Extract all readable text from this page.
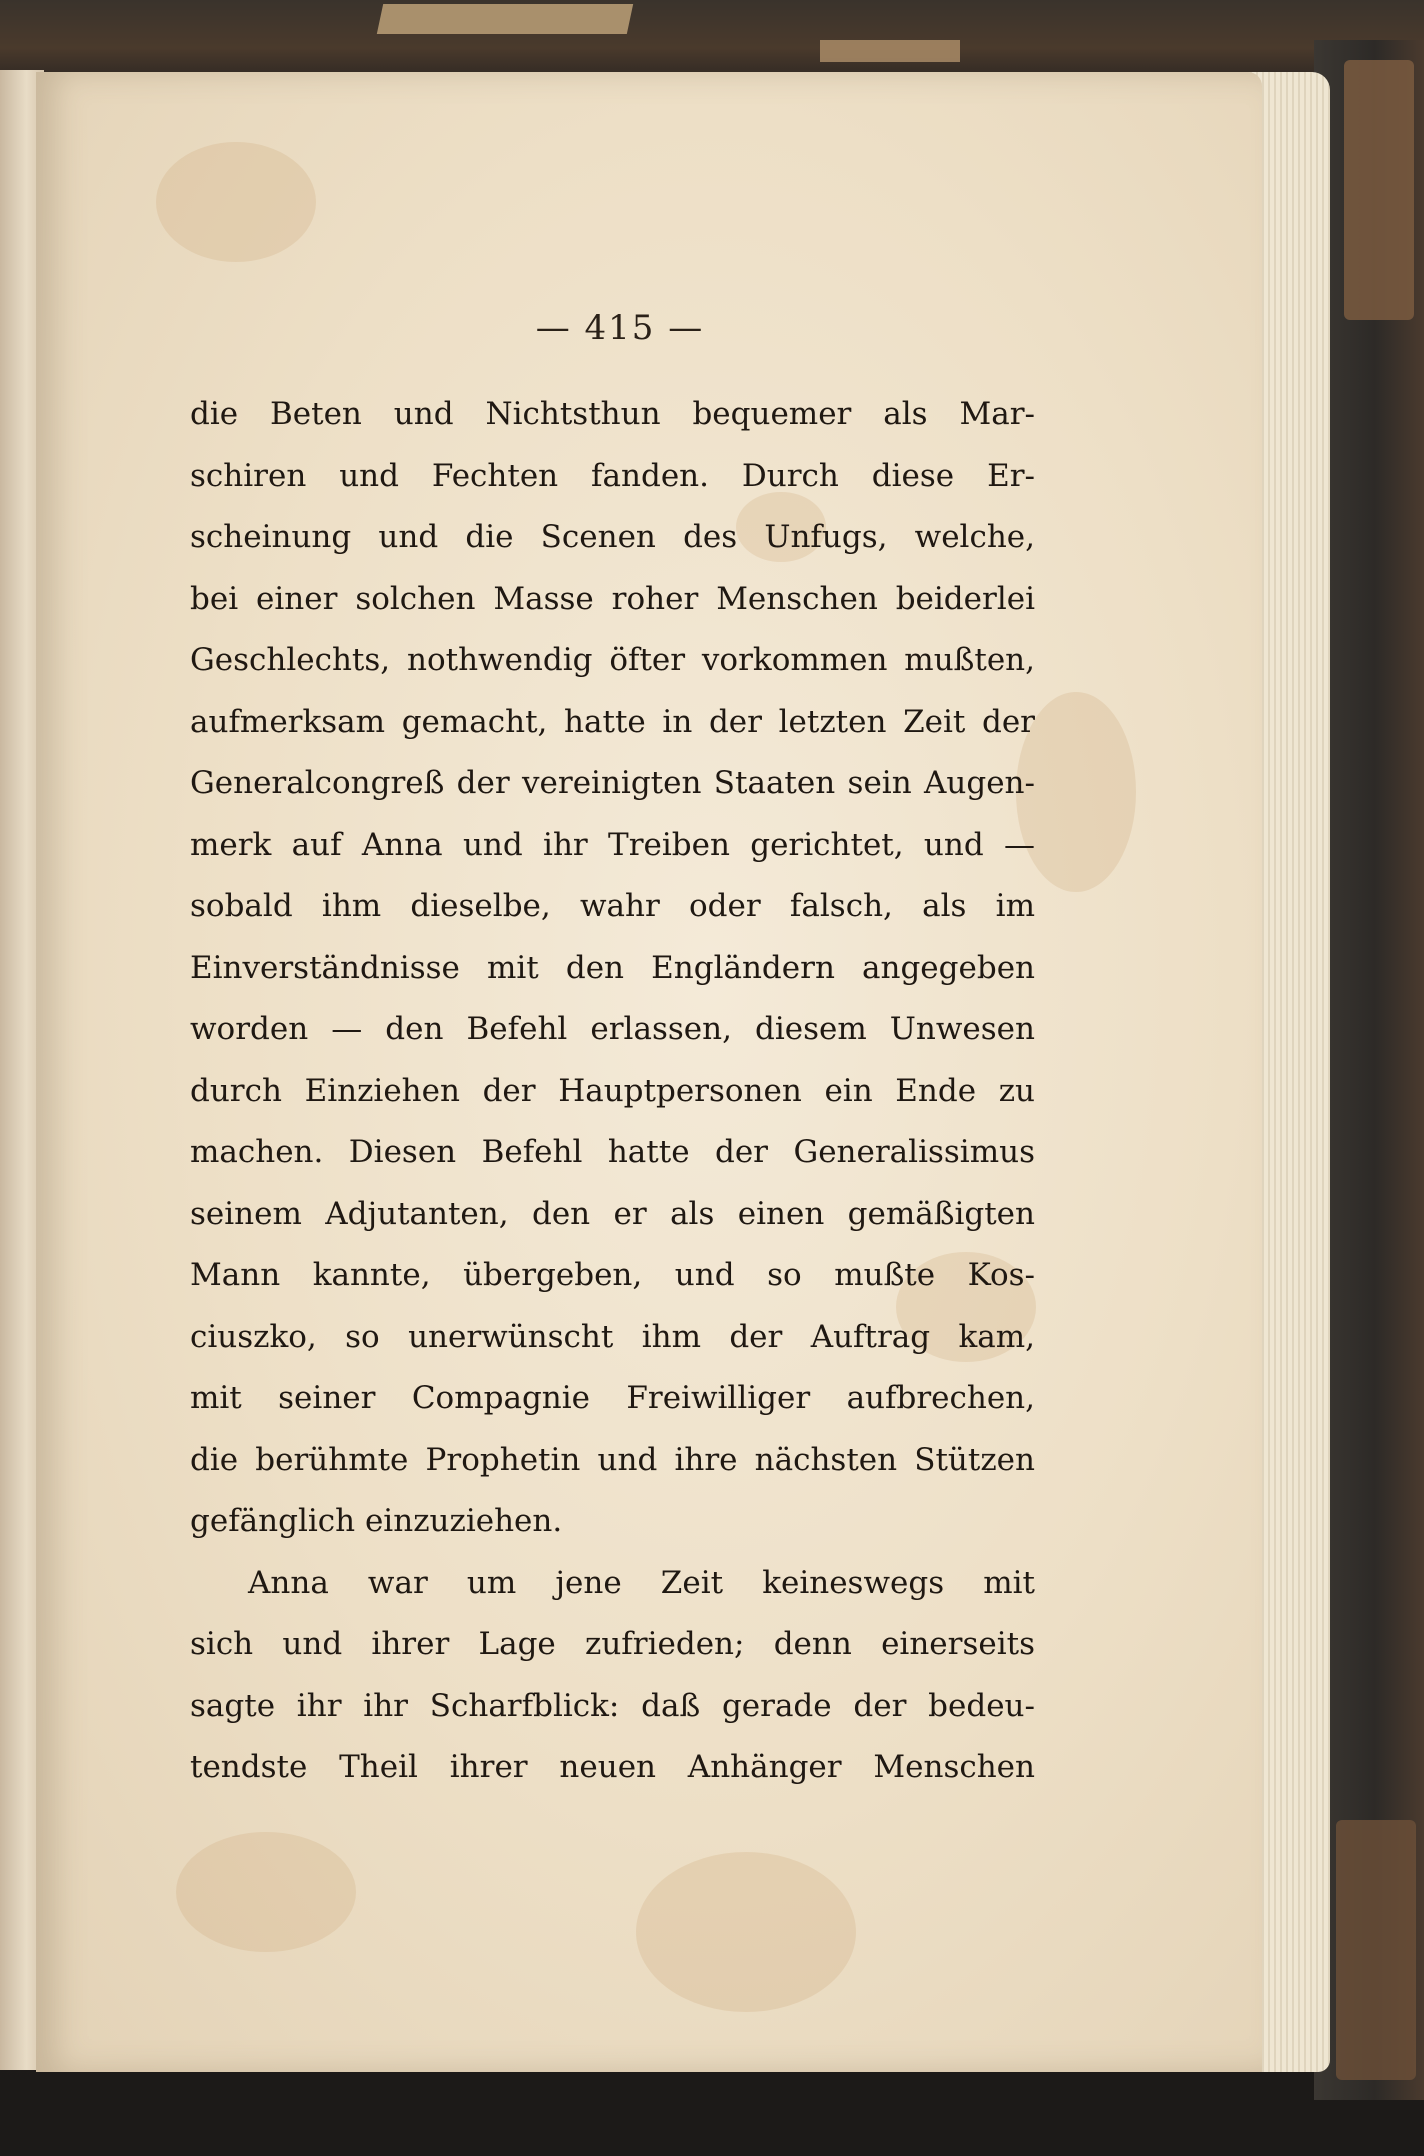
— 415 —
die Beten und Nichtsthun bequemer als Mar-
schiren und Fechten fanden. Durch diese Er-
scheinung und die Scenen des Unfugs, welche,
bei einer solchen Masse roher Menschen beiderlei
Geschlechts, nothwendig öfter vorkommen mußten,
aufmerksam gemacht, hatte in der letzten Zeit der
Generalcongreß der vereinigten Staaten sein Augen-
merk auf Anna und ihr Treiben gerichtet, und —
sobald ihm dieselbe, wahr oder falsch, als im
Einverständnisse mit den Engländern angegeben
worden — den Befehl erlassen, diesem Unwesen
durch Einziehen der Hauptpersonen ein Ende zu
machen. Diesen Befehl hatte der Generalissimus
seinem Adjutanten, den er als einen gemäßigten
Mann kannte, übergeben, und so mußte Kos-
ciuszko, so unerwünscht ihm der Auftrag kam,
mit seiner Compagnie Freiwilliger aufbrechen,
die berühmte Prophetin und ihre nächsten Stützen
gefänglich einzuziehen.
Anna war um jene Zeit keineswegs mit
sich und ihrer Lage zufrieden; denn einerseits
sagte ihr ihr Scharfblick: daß gerade der bedeu-
tendste Theil ihrer neuen Anhänger Menschen
